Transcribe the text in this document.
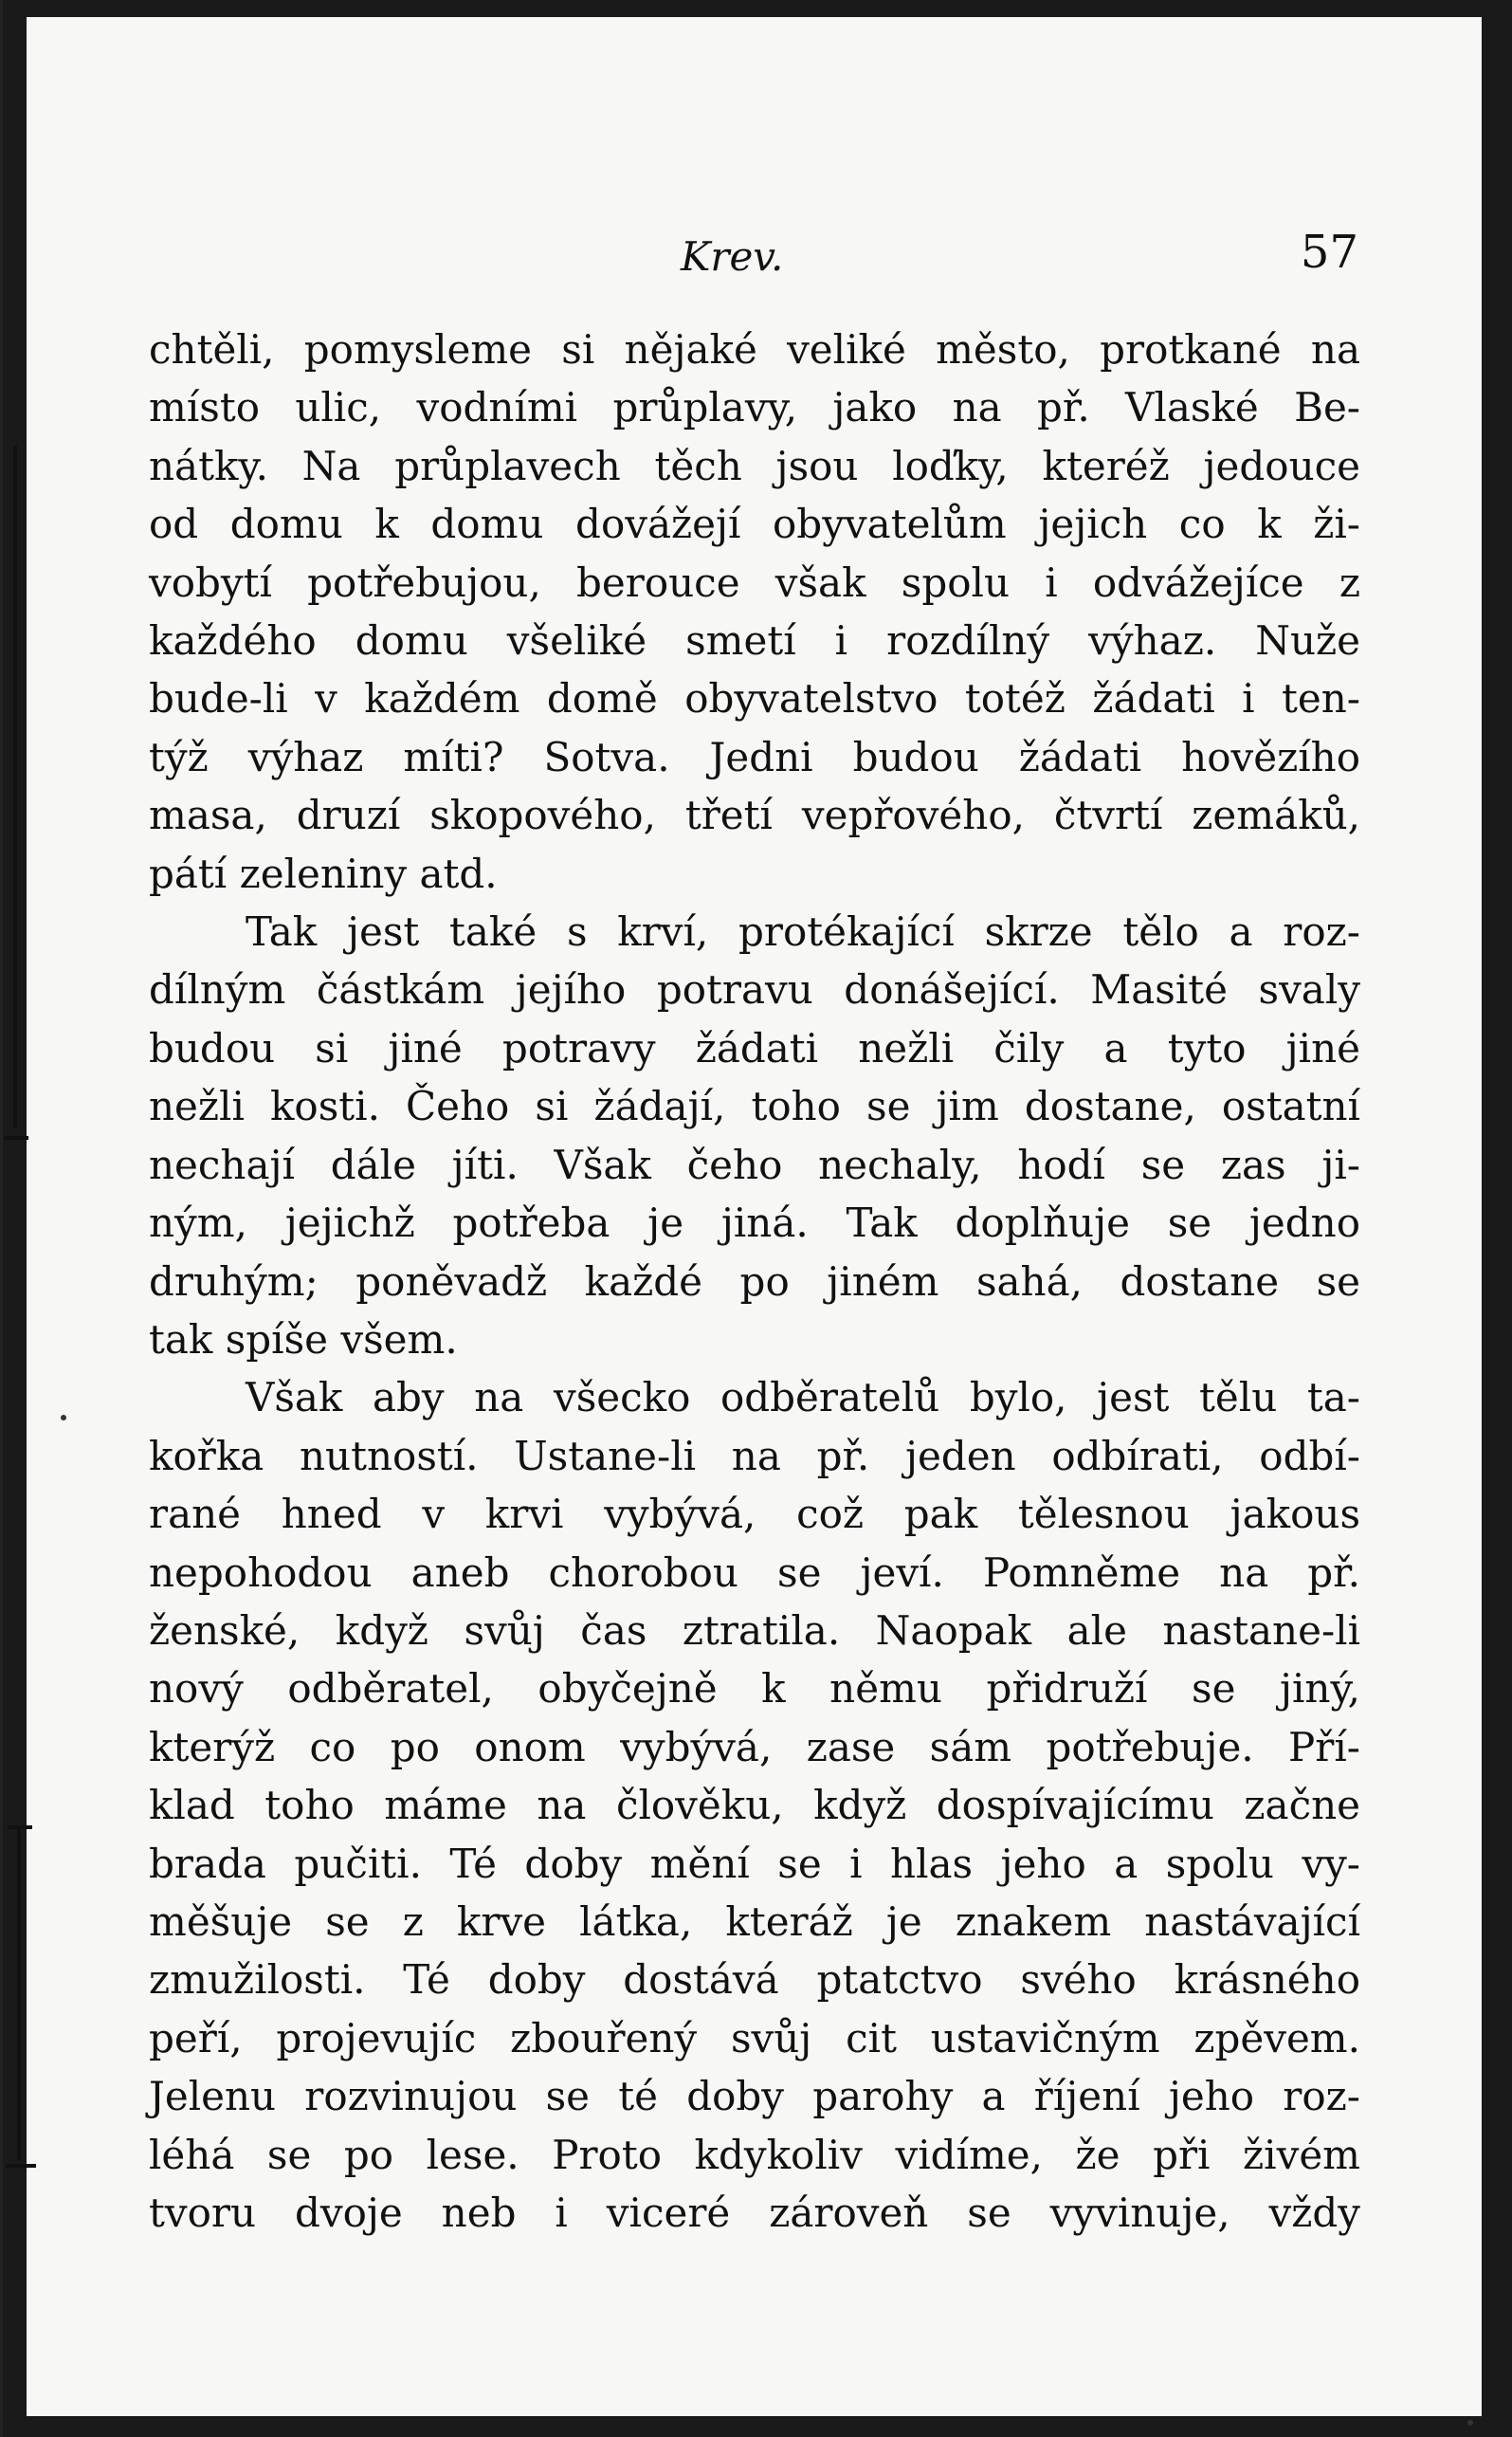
Krev.	57
chtěli, pomysleme si nějaké veliké město, protkané na
místo ulic, vodními průplavy, jako na př. Vlaské Be-
nátky. Na průplavech těch jsou loďky, kteréž jedouce
od domu k domu dovážejí obyvatelům jejich co k ži-
vobytí potřebujou, berouce však spolu i odvážejíce z
každého domu všeliké smetí i rozdílný výhaz. Nuže
bude-li v každém domě obyvatelstvo totéž žádati i ten-
týž výhaz míti? Sotva. Jedni budou žádati hovězího
masa, druzí skopového, třetí vepřového, čtvrtí zemáků,
pátí zeleniny atd.
Tak jest také s krví, protékající skrze tělo a roz-
dílným částkám jejího potravu donášející. Masité svaly
budou si jiné potravy žádati nežli čily a tyto jiné
nežli kosti. Čeho si žádají, toho se jim dostane, ostatní
nechají dále jíti. Však čeho nechaly, hodí se zas ji-
ným, jejichž potřeba je jiná. Tak doplňuje se jedno
druhým; poněvadž každé po jiném sahá, dostane se
tak spíše všem.
Však aby na všecko odběratelů bylo, jest tělu ta-
kořka nutností. Ustane-li na př. jeden odbírati, odbí-
rané hned v krvi vybývá, což pak tělesnou jakous
nepohodou aneb chorobou se jeví. Pomněme na př.
ženské, když svůj čas ztratila. Naopak ale nastane-li
nový odběratel, obyčejně k němu přidruží se jiný,
kterýž co po onom vybývá, zase sám potřebuje. Pří-
klad toho máme na člověku, když dospívajícímu začne
brada pučiti. Té doby mění se i hlas jeho a spolu vy-
měšuje se z krve látka, kteráž je znakem nastávající
zmužilosti. Té doby dostává ptatctvo svého krásného
peří, projevujíc zbouřený svůj cit ustavičným zpěvem.
Jelenu rozvinujou se té doby parohy a říjení jeho roz-
léhá se po lese. Proto kdykoliv vidíme, že při živém
tvoru dvoje neb i viceré zároveň se vyvinuje, vždy
